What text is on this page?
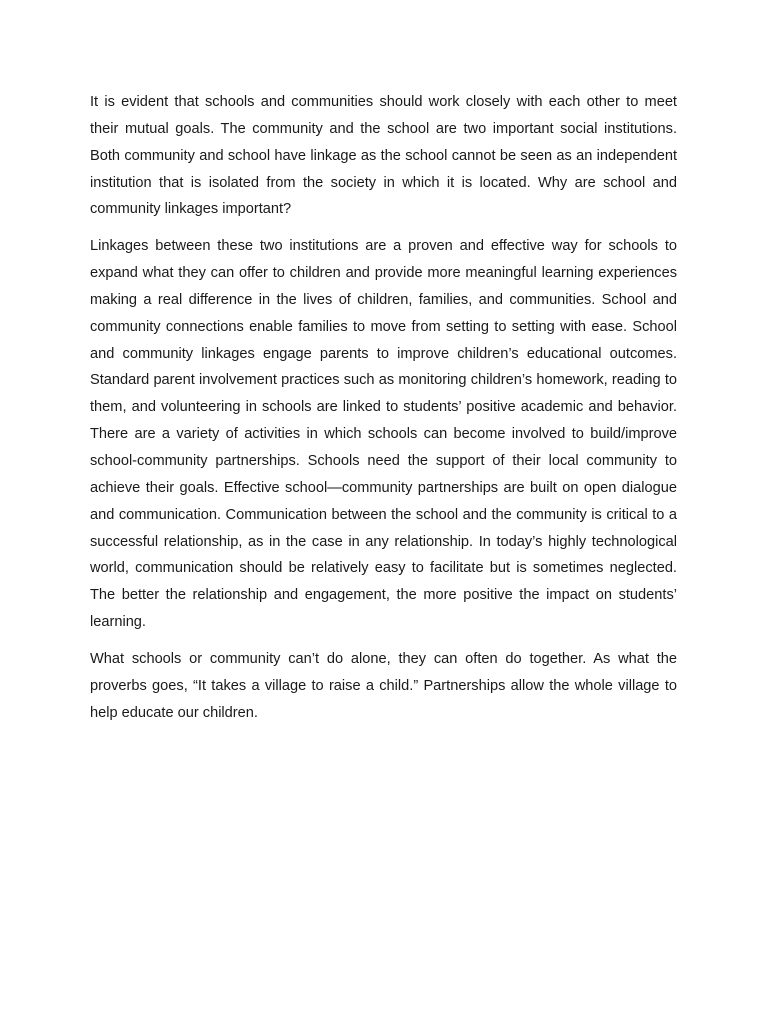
It is evident that schools and communities should work closely with each other to meet their mutual goals. The community and the school are two important social institutions. Both community and school have linkage as the school cannot be seen as an independent institution that is isolated from the society in which it is located. Why are school and community linkages important?

Linkages between these two institutions are a proven and effective way for schools to expand what they can offer to children and provide more meaningful learning experiences making a real difference in the lives of children, families, and communities. School and community connections enable families to move from setting to setting with ease. School and community linkages engage parents to improve children’s educational outcomes. Standard parent involvement practices such as monitoring children’s homework, reading to them, and volunteering in schools are linked to students’ positive academic and behavior. There are a variety of activities in which schools can become involved to build/improve school-community partnerships. Schools need the support of their local community to achieve their goals. Effective school—community partnerships are built on open dialogue and communication. Communication between the school and the community is critical to a successful relationship, as in the case in any relationship. In today’s highly technological world, communication should be relatively easy to facilitate but is sometimes neglected. The better the relationship and engagement, the more positive the impact on students’ learning.

What schools or community can’t do alone, they can often do together. As what the proverbs goes, “It takes a village to raise a child.” Partnerships allow the whole village to help educate our children.
